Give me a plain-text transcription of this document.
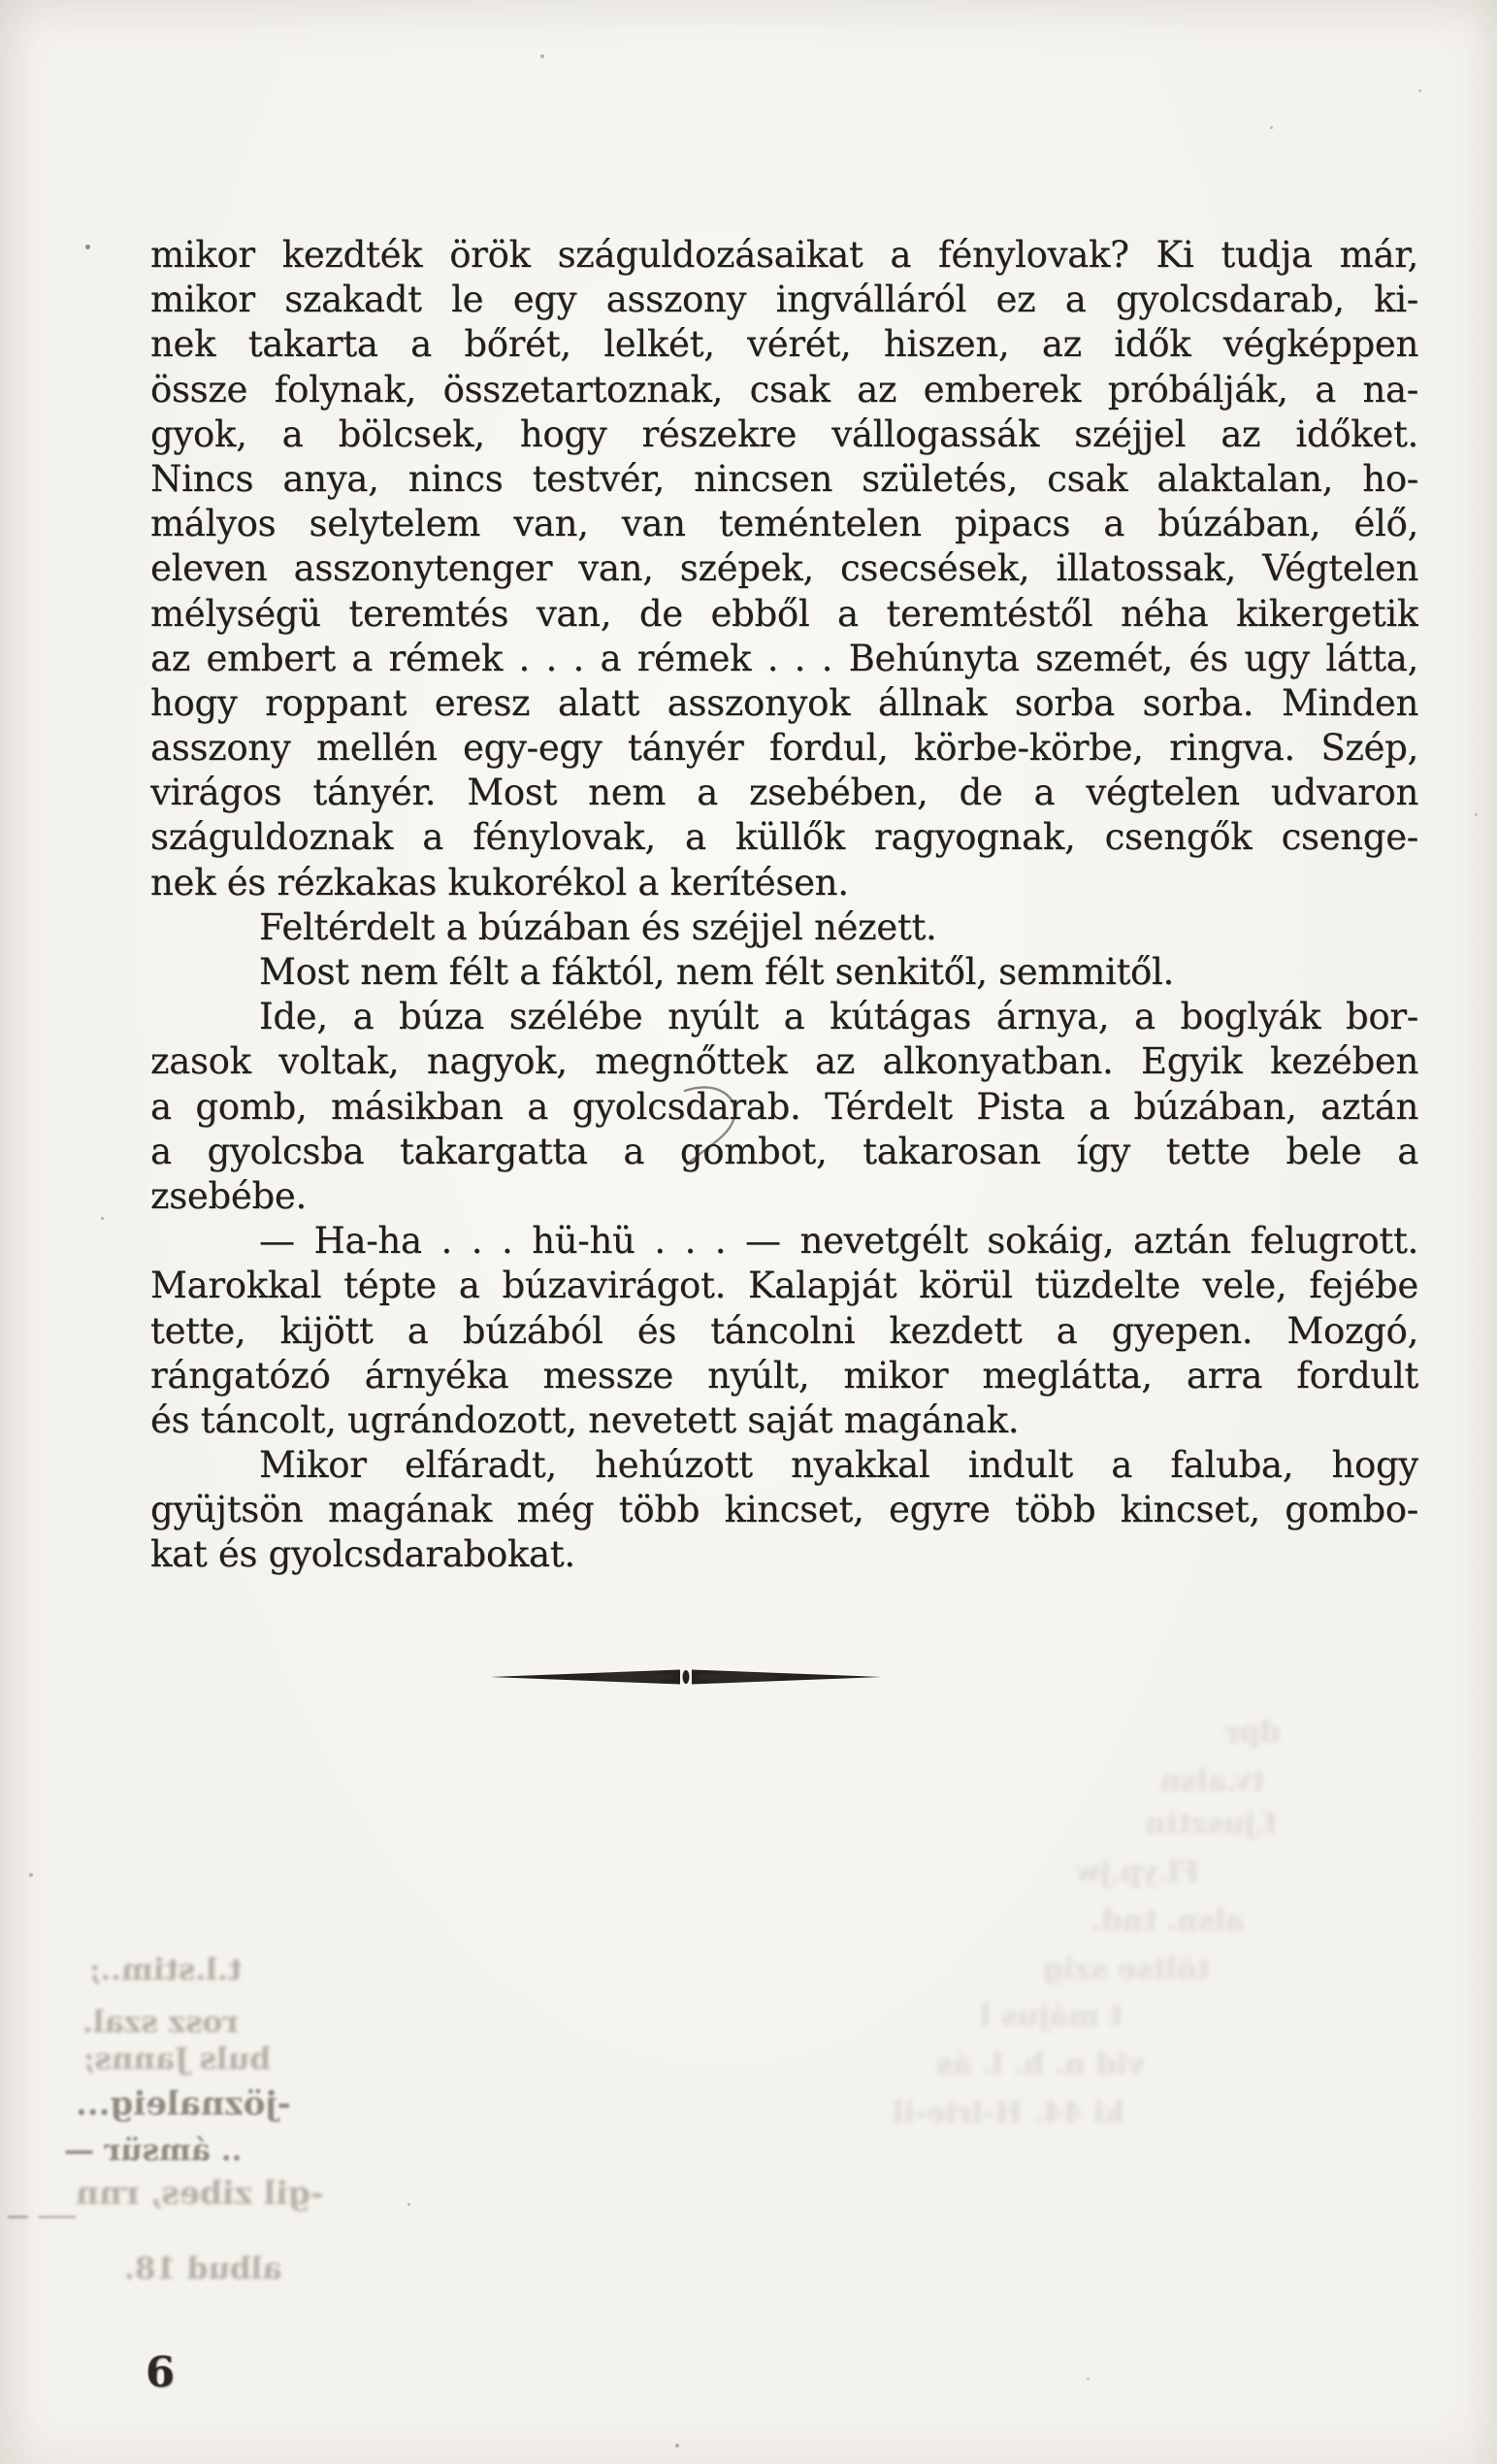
mikor kezdték örök száguldozásaikat a fénylovak? Ki tudja már,
mikor szakadt le egy asszony ingválláról ez a gyolcsdarab, ki-
nek takarta a bőrét, lelkét, vérét, hiszen, az idők végképpen
össze folynak, összetartoznak, csak az emberek próbálják, a na-
gyok, a bölcsek, hogy részekre vállogassák széjjel az időket.
Nincs anya, nincs testvér, nincsen születés, csak alaktalan, ho-
mályos selytelem van, van teméntelen pipacs a búzában, élő,
eleven asszonytenger van, szépek, csecsések, illatossak, Végtelen
mélységü teremtés van, de ebből a teremtéstől néha kikergetik
az embert a rémek . . . a rémek . . . Behúnyta szemét, és ugy látta,
hogy roppant eresz alatt asszonyok állnak sorba sorba. Minden
asszony mellén egy-egy tányér fordul, körbe-körbe, ringva. Szép,
virágos tányér. Most nem a zsebében, de a végtelen udvaron
száguldoznak a fénylovak, a küllők ragyognak, csengők csenge-
nek és rézkakas kukorékol a kerítésen.
Feltérdelt a búzában és széjjel nézett.
Most nem félt a fáktól, nem félt senkitől, semmitől.
Ide, a búza szélébe nyúlt a kútágas árnya, a boglyák bor-
zasok voltak, nagyok, megnőttek az alkonyatban. Egyik kezében
a gomb, másikban a gyolcsdarab. Térdelt Pista a búzában, aztán
a gyolcsba takargatta a gombot, takarosan így tette bele a
zsebébe.
— Ha-ha . . . hü-hü . . . — nevetgélt sokáig, aztán felugrott.
Marokkal tépte a búzavirágot. Kalapját körül tüzdelte vele, fejébe
tette, kijött a búzából és táncolni kezdett a gyepen. Mozgó,
rángatózó árnyéka messze nyúlt, mikor meglátta, arra fordult
és táncolt, ugrándozott, nevetett saját magának.
Mikor elfáradt, hehúzott nyakkal indult a faluba, hogy
gyüjtsön magának még több kincset, egyre több kincset, gombo-
kat és gyolcsdarabokat.
t.l.stim..;
rosz szal.
buls Janns;
-jöznaleig...
.. ámsür —
-gil zibes, rnn
albud 18.
dpr
tv.alsn
f.jusztin
Fl.yp.jw
alsn. tnd.
töltse szig
t május l
vid n. h. l. ás
ki 44. H-lrie-il
6
